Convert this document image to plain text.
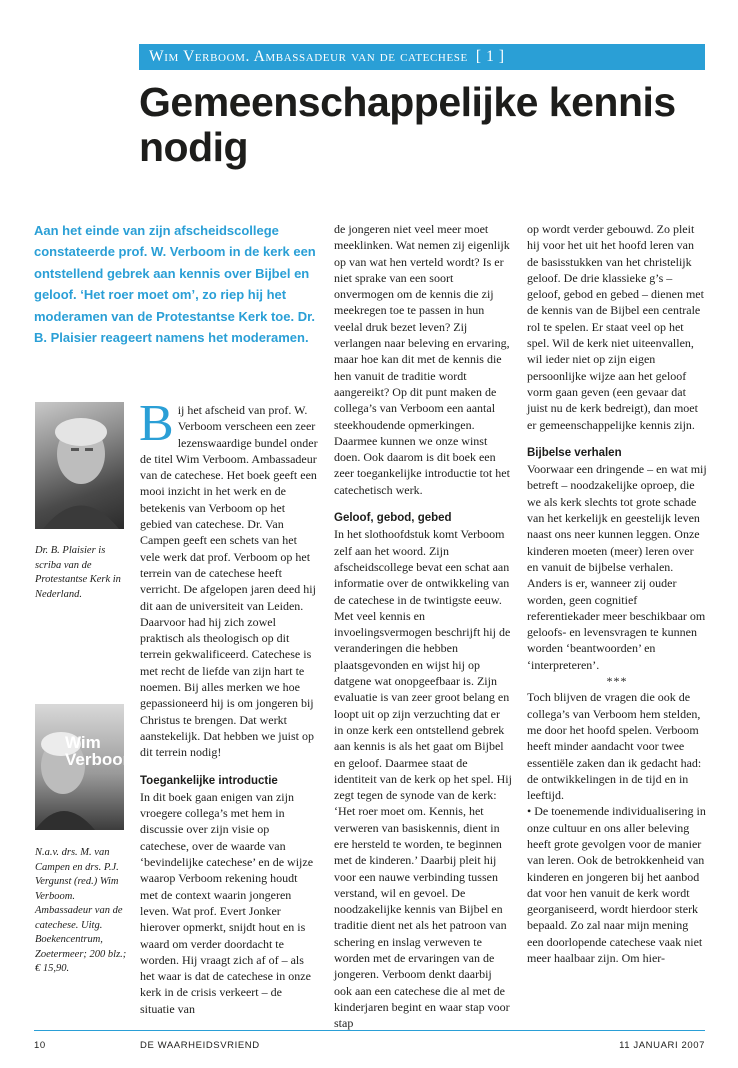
Wim Verboom. Ambassadeur van de catechese [ 1 ]
Gemeenschappelijke kennis nodig

Aan het einde van zijn afscheidscollege constateerde prof. W. Verboom in de kerk een ontstellend gebrek aan kennis over Bijbel en geloof. ‘Het roer moet om’, zo riep hij het moderamen van de Protestantse Kerk toe. Dr. B. Plaisier reageert namens het moderamen.

Dr. B. Plaisier is scriba van de Protestantse Kerk in Nederland.
Wim Verboom
N.a.v. drs. M. van Campen en drs. P.J. Vergunst (red.) Wim Verboom. Ambassadeur van de catechese. Uitg. Boekencentrum, Zoetermeer; 200 blz.; € 15,90.
B ij het afscheid van prof. W. Verboom verscheen een zeer lezenswaardige bundel onder de titel Wim Verboom. Ambassadeur van de catechese. Het boek geeft een mooi inzicht in het werk en de betekenis van Verboom op het gebied van catechese. Dr. Van Campen geeft een schets van het vele werk dat prof. Verboom op het terrein van de catechese heeft verricht. De afgelopen jaren deed hij dit aan de universiteit van Leiden. Daarvoor had hij zich zowel praktisch als theologisch op dit terrein gekwalificeerd. Catechese is met recht de liefde van zijn hart te noemen. Bij alles merken we hoe gepassioneerd hij is om jongeren bij Christus te brengen. Dat werkt aanstekelijk. Dat hebben we juist op dit terrein nodig!

Toegankelijke introductie

In dit boek gaan enigen van zijn vroegere collega’s met hem in discussie over zijn visie op catechese, over de waarde van ‘bevindelijke catechese’ en de wijze waarop Verboom rekening houdt met de context waarin jongeren leven. Wat prof. Evert Jonker hierover opmerkt, snijdt hout en is waard om verder doordacht te worden. Hij vraagt zich af of – als het waar is dat de catechese in onze kerk in de crisis verkeert – de situatie van

de jongeren niet veel meer moet meeklinken. Wat nemen zij eigenlijk op van wat hen verteld wordt? Is er niet sprake van een soort onvermogen om de kennis die zij meekregen toe te passen in hun veelal druk bezet leven? Zij verlangen naar beleving en ervaring, maar hoe kan dit met de kennis die hen vanuit de traditie wordt aangereikt? Op dit punt maken de collega’s van Verboom een aantal steekhoudende opmerkingen. Daarmee kunnen we onze winst doen. Ook daarom is dit boek een zeer toegankelijke introductie tot het catechetisch werk.

Geloof, gebod, gebed

In het slothoofdstuk komt Verboom zelf aan het woord. Zijn afscheidscollege bevat een schat aan informatie over de ontwikkeling van de catechese in de twintigste eeuw. Met veel kennis en invoelingsvermogen beschrijft hij de veranderingen die hebben plaatsgevonden en wijst hij op datgene wat onopgeefbaar is. Zijn evaluatie is van zeer groot belang en loopt uit op zijn verzuchting dat er in onze kerk een ontstellend gebrek aan kennis is als het gaat om Bijbel en geloof. Daarmee staat de identiteit van de kerk op het spel. Hij zegt tegen de synode van de kerk: ‘Het roer moet om. Kennis, het verweren van basiskennis, dient in ere hersteld te worden, te beginnen met de kinderen.’ Daarbij pleit hij voor een nauwe verbinding tussen verstand, wil en gevoel. De noodzakelijke kennis van Bijbel en traditie dient net als het patroon van schering en inslag verweven te worden met de ervaringen van de jongeren. Verboom denkt daarbij ook aan een catechese die al met de kinderjaren begint en waar stap voor stap

op wordt verder gebouwd. Zo pleit hij voor het uit het hoofd leren van de basisstukken van het christelijk geloof. De drie klassieke g’s – geloof, gebod en gebed – dienen met de kennis van de Bijbel een centrale rol te spelen. Er staat veel op het spel. Wil de kerk niet uiteenvallen, wil ieder niet op zijn eigen persoonlijke wijze aan het geloof vorm gaan geven (een gevaar dat juist nu de kerk bedreigt), dan moet er gemeenschappelijke kennis zijn.

Bijbelse verhalen

Voorwaar een dringende – en wat mij betreft – noodzakelijke oproep, die we als kerk slechts tot grote schade van het kerkelijk en geestelijk leven naast ons neer kunnen leggen. Onze kinderen moeten (meer) leren over en vanuit de bijbelse verhalen. Anders is er, wanneer zij ouder worden, geen cognitief referentiekader meer beschikbaar om geloofs- en levensvragen te kunnen worden ‘beantwoorden’ en ‘interpreteren’.

***

Toch blijven de vragen die ook de collega’s van Verboom hem stelden, me door het hoofd spelen. Verboom heeft minder aandacht voor twee essentiële zaken dan ik gedacht had: de ontwikkelingen in de tijd en in leeftijd.

• De toenemende individualisering in onze cultuur en ons aller beleving heeft grote gevolgen voor de manier van leren. Ook de betrokkenheid van kinderen en jongeren bij het aanbod dat voor hen vanuit de kerk wordt georganiseerd, wordt hierdoor sterk bepaald. Zo zal naar mijn mening een doorlopende catechese vaak niet meer haalbaar zijn. Om hier-

10	DE WAARHEIDSVRIEND	11 JANUARI 2007
